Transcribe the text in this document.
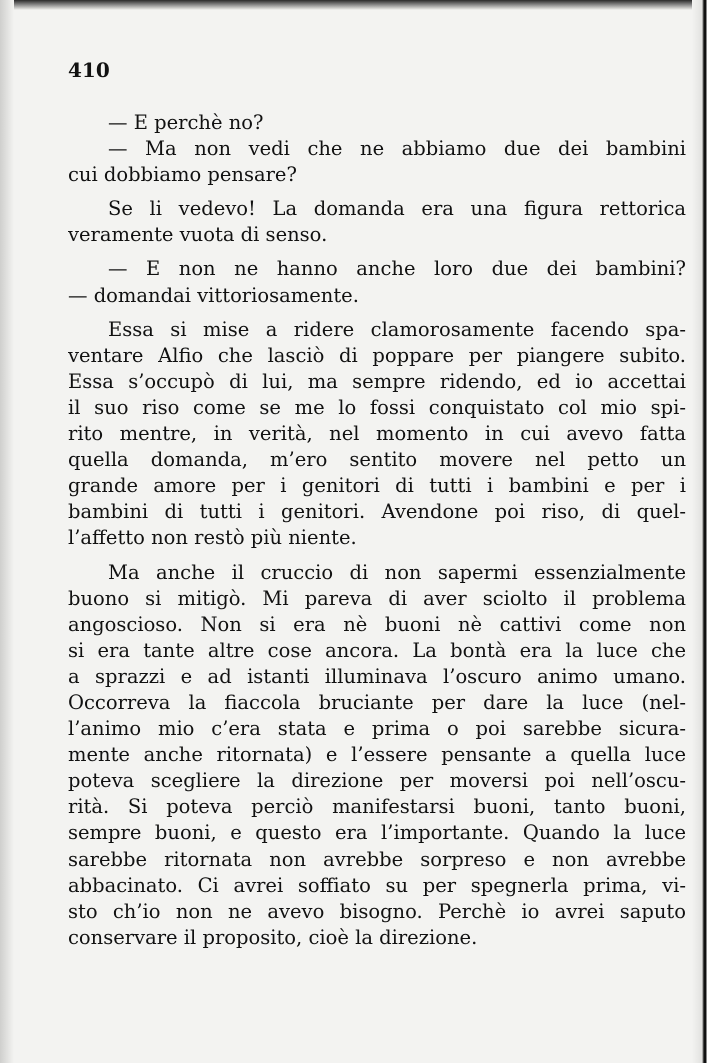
410
— E perchè no?
— Ma non vedi che ne abbiamo due dei bambini
cui dobbiamo pensare?
Se li vedevo! La domanda era una figura rettorica
veramente vuota di senso.
— E non ne hanno anche loro due dei bambini?
— domandai vittoriosamente.
Essa si mise a ridere clamorosamente facendo spa-
ventare Alfio che lasciò di poppare per piangere subito.
Essa s’occupò di lui, ma sempre ridendo, ed io accettai
il suo riso come se me lo fossi conquistato col mio spi-
rito mentre, in verità, nel momento in cui avevo fatta
quella domanda, m’ero sentito movere nel petto un
grande amore per i genitori di tutti i bambini e per i
bambini di tutti i genitori. Avendone poi riso, di quel-
l’affetto non restò più niente.
Ma anche il cruccio di non sapermi essenzialmente
buono si mitigò. Mi pareva di aver sciolto il problema
angoscioso. Non si era nè buoni nè cattivi come non
si era tante altre cose ancora. La bontà era la luce che
a sprazzi e ad istanti illuminava l’oscuro animo umano.
Occorreva la fiaccola bruciante per dare la luce (nel-
l’animo mio c’era stata e prima o poi sarebbe sicura-
mente anche ritornata) e l’essere pensante a quella luce
poteva scegliere la direzione per moversi poi nell’oscu-
rità. Si poteva perciò manifestarsi buoni, tanto buoni,
sempre buoni, e questo era l’importante. Quando la luce
sarebbe ritornata non avrebbe sorpreso e non avrebbe
abbacinato. Ci avrei soffiato su per spegnerla prima, vi-
sto ch’io non ne avevo bisogno. Perchè io avrei saputo
conservare il proposito, cioè la direzione.
